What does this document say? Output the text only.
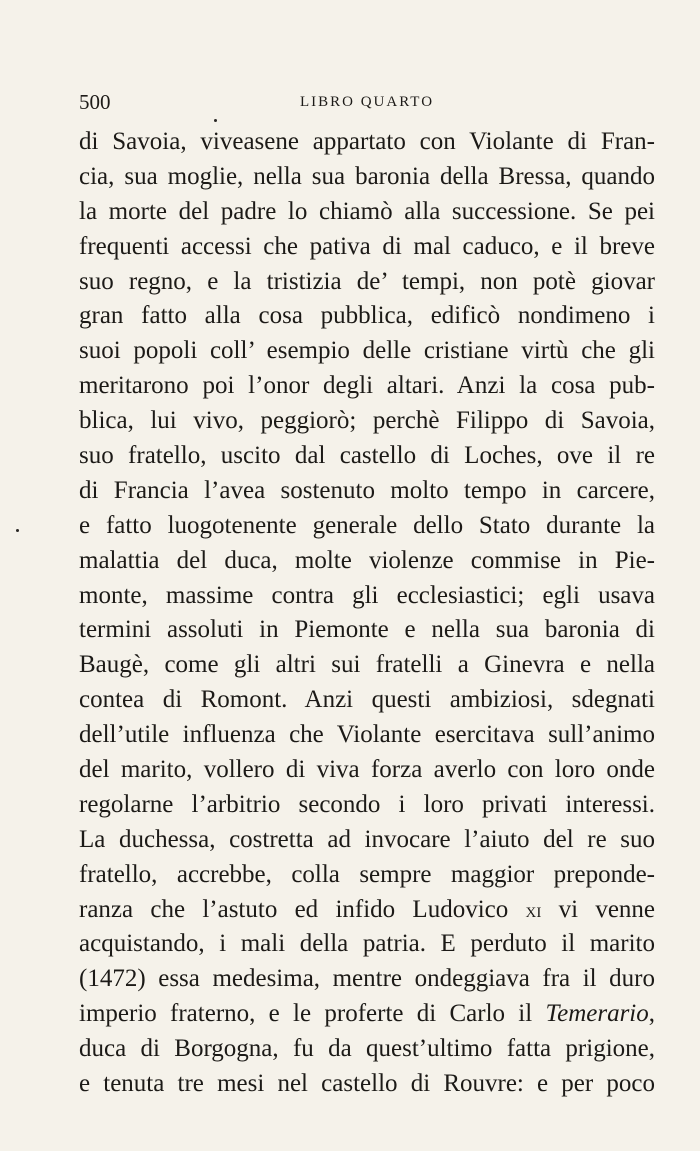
500	LIBRO QUARTO
di Savoia, viveasene appartato con Violante di Fran-
cia, sua moglie, nella sua baronia della Bressa, quando
la morte del padre lo chiamò alla successione. Se pei
frequenti accessi che pativa di mal caduco, e il breve
suo regno, e la tristizia de’ tempi, non potè giovar
gran fatto alla cosa pubblica, edificò nondimeno i
suoi popoli coll’ esempio delle cristiane virtù che gli
meritarono poi l’onor degli altari. Anzi la cosa pub-
blica, lui vivo, peggiorò; perchè Filippo di Savoia,
suo fratello, uscito dal castello di Loches, ove il re
di Francia l’avea sostenuto molto tempo in carcere,
e fatto luogotenente generale dello Stato durante la
malattia del duca, molte violenze commise in Pie-
monte, massime contra gli ecclesiastici; egli usava
termini assoluti in Piemonte e nella sua baronia di
Baugè, come gli altri sui fratelli a Ginevra e nella
contea di Romont. Anzi questi ambiziosi, sdegnati
dell’utile influenza che Violante esercitava sull’animo
del marito, vollero di viva forza averlo con loro onde
regolarne l’arbitrio secondo i loro privati interessi.
La duchessa, costretta ad invocare l’aiuto del re suo
fratello, accrebbe, colla sempre maggior preponde-
ranza che l’astuto ed infido Ludovico xi vi venne
acquistando, i mali della patria. E perduto il marito
(1472) essa medesima, mentre ondeggiava fra il duro
imperio fraterno, e le proferte di Carlo il Temerario,
duca di Borgogna, fu da quest’ultimo fatta prigione,
e tenuta tre mesi nel castello di Rouvre: e per poco
